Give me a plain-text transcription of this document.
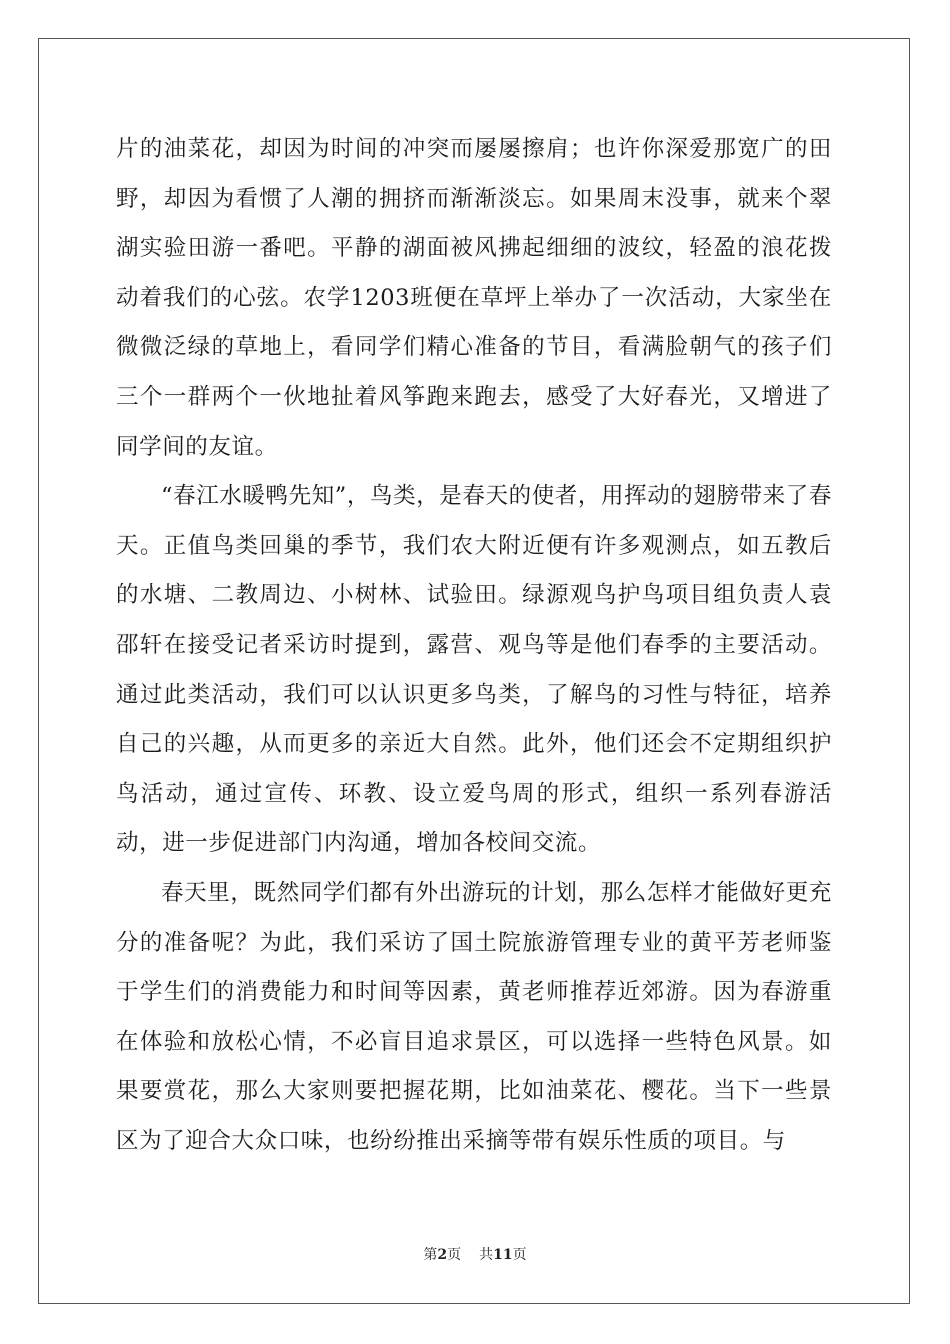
片的油菜花，却因为时间的冲突而屡屡擦肩；也许你深爱那宽广的田野，却因为看惯了人潮的拥挤而渐渐淡忘。如果周末没事，就来个翠湖实验田游一番吧。平静的湖面被风拂起细细的波纹，轻盈的浪花拨动着我们的心弦。农学1203班便在草坪上举办了一次活动，大家坐在微微泛绿的草地上，看同学们精心准备的节目，看满脸朝气的孩子们三个一群两个一伙地扯着风筝跑来跑去，感受了大好春光，又增进了同学间的友谊。

“春江水暖鸭先知”，鸟类，是春天的使者，用挥动的翅膀带来了春天。正值鸟类回巢的季节，我们农大附近便有许多观测点，如五教后的水塘、二教周边、小树林、试验田。绿源观鸟护鸟项目组负责人袁邵轩在接受记者采访时提到，露营、观鸟等是他们春季的主要活动。通过此类活动，我们可以认识更多鸟类，了解鸟的习性与特征，培养自己的兴趣，从而更多的亲近大自然。此外，他们还会不定期组织护鸟活动，通过宣传、环教、设立爱鸟周的形式，组织一系列春游活动，进一步促进部门内沟通，增加各校间交流。

春天里，既然同学们都有外出游玩的计划，那么怎样才能做好更充分的准备呢？为此，我们采访了国土院旅游管理专业的黄平芳老师鉴于学生们的消费能力和时间等因素，黄老师推荐近郊游。因为春游重在体验和放松心情，不必盲目追求景区，可以选择一些特色风景。如果要赏花，那么大家则要把握花期，比如油菜花、樱花。当下一些景区为了迎合大众口味，也纷纷推出采摘等带有娱乐性质的项目。与

第2页 共11页
